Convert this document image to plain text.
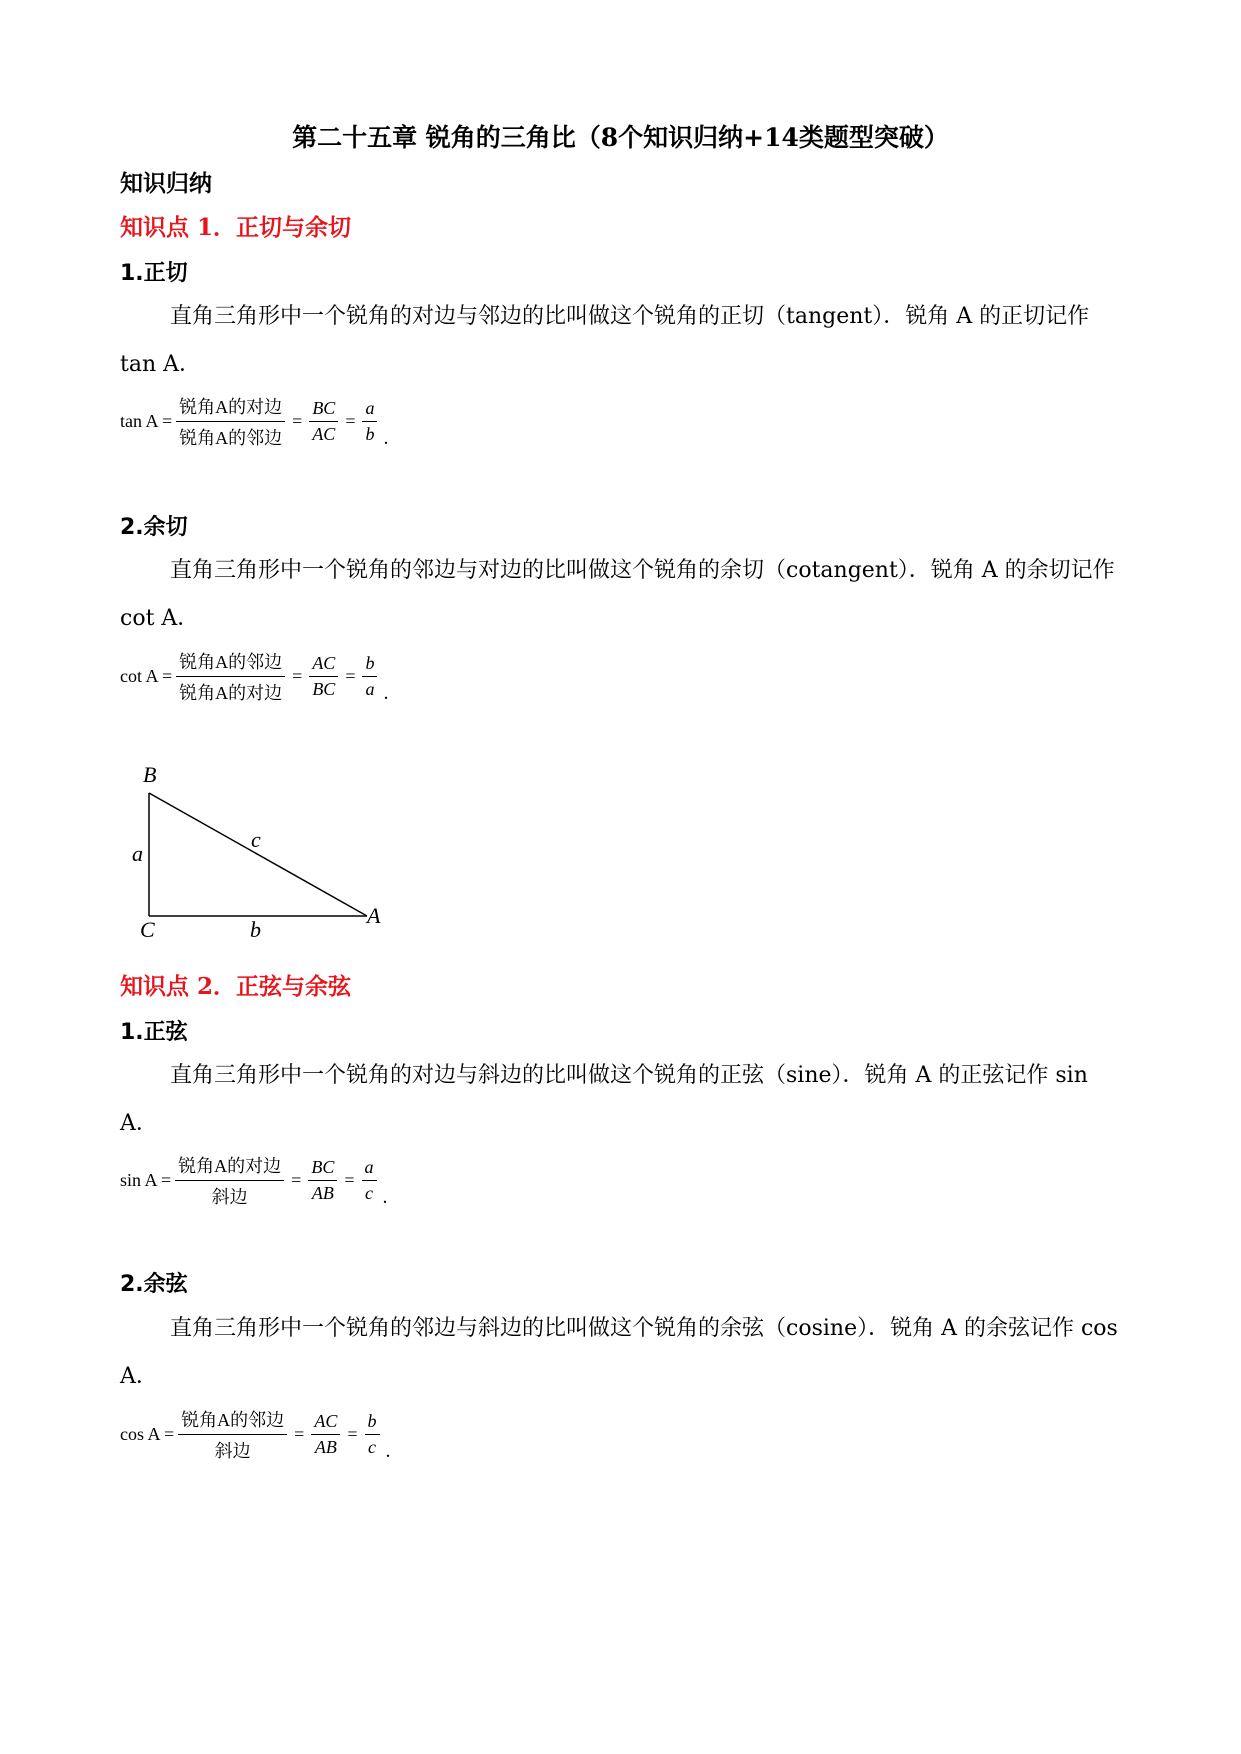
第二十五章 锐角的三角比（8个知识归纳+14类题型突破）
知识归纳
知识点 1．正切与余切
1.正切
直角三角形中一个锐角的对边与邻边的比叫做这个锐角的正切（tangent）．锐角 A 的正切记作 tan A．
$\tan A = \frac{\text{锐角A的对边}}{\text{锐角A的邻边}} = \frac{BC}{AC} = \frac{a}{b}$ .
2.余切
直角三角形中一个锐角的邻边与对边的比叫做这个锐角的余切（cotangent）．锐角 A 的余切记作 cot A．
$\cot A = \frac{\text{锐角A的邻边}}{\text{锐角A的对边}} = \frac{AC}{BC} = \frac{b}{a}$ .
B
C
A
a
b
c
知识点 2．正弦与余弦
1.正弦
直角三角形中一个锐角的对边与斜边的比叫做这个锐角的正弦（sine）．锐角 A 的正弦记作 sin A．
$\sin A = \frac{\text{锐角A的对边}}{\text{斜边}} = \frac{BC}{AB} = \frac{a}{c}$ .
2.余弦
直角三角形中一个锐角的邻边与斜边的比叫做这个锐角的余弦（cosine）．锐角 A 的余弦记作 cos A．
$\cos A = \frac{\text{锐角A的邻边}}{\text{斜边}} = \frac{AC}{AB} = \frac{b}{c}$ .
